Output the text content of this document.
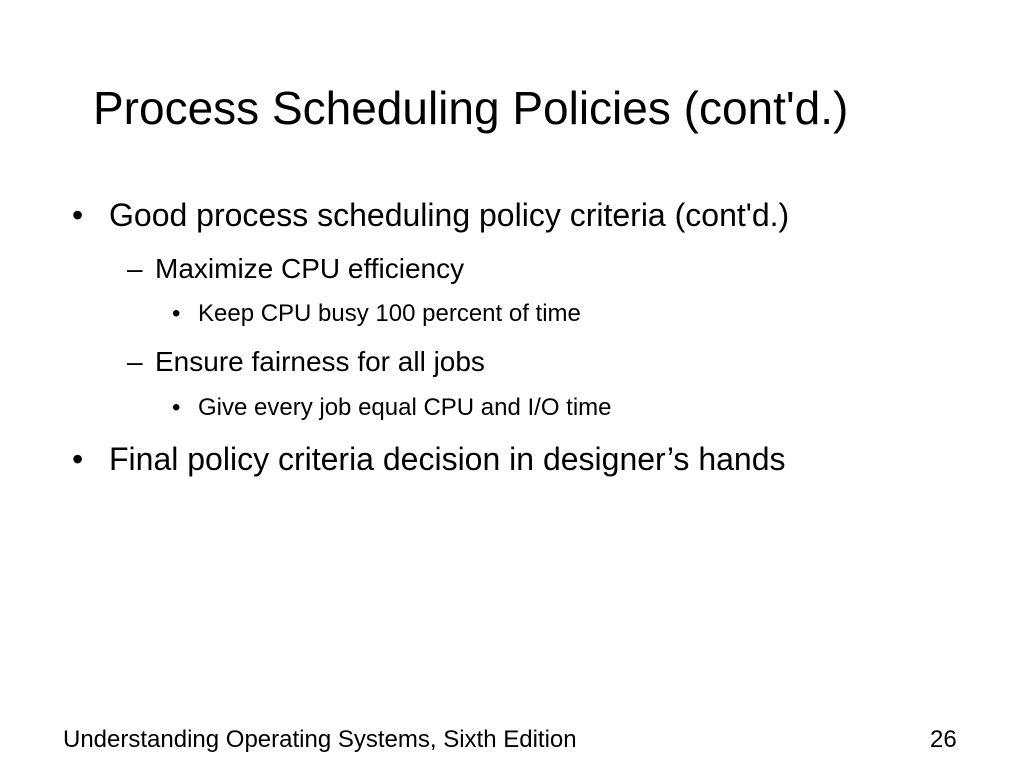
Process Scheduling Policies (cont'd.)
• Good process scheduling policy criteria (cont'd.)
– Maximize CPU efficiency
• Keep CPU busy 100 percent of time
– Ensure fairness for all jobs
• Give every job equal CPU and I/O time
• Final policy criteria decision in designer’s hands
Understanding Operating Systems, Sixth Edition	26
